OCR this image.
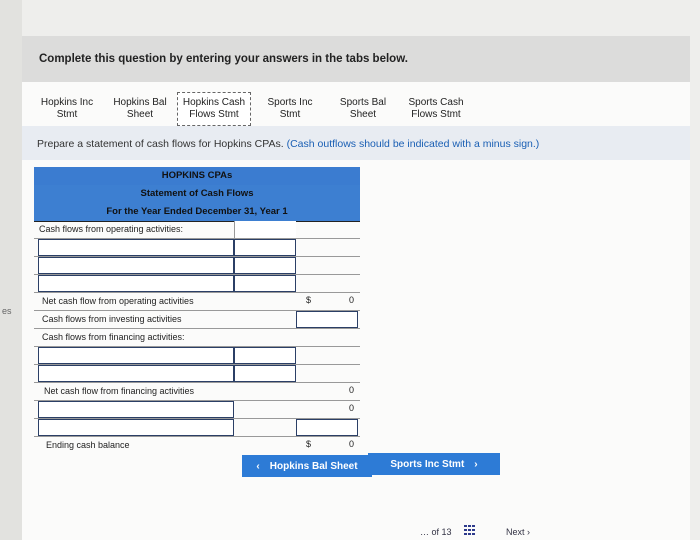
es
Complete this question by entering your answers in the tabs below.
Hopkins Inc
Stmt
Hopkins Bal
Sheet
Hopkins Cash
Flows Stmt
Sports Inc
Stmt
Sports Bal
Sheet
Sports Cash
Flows Stmt
Prepare a statement of cash flows for Hopkins CPAs. (Cash outflows should be indicated with a minus sign.)
HOPKINS CPAs
Statement of Cash Flows
For the Year Ended December 31, Year 1
Cash flows from operating activities:
Net cash flow from operating activities	$	0
Cash flows from investing activities
Cash flows from financing activities:
Net cash flow from financing activities	0
0
Ending cash balance	$	0
‹ Hopkins Bal Sheet	Sports Inc Stmt ›
… of 13	Next ›
